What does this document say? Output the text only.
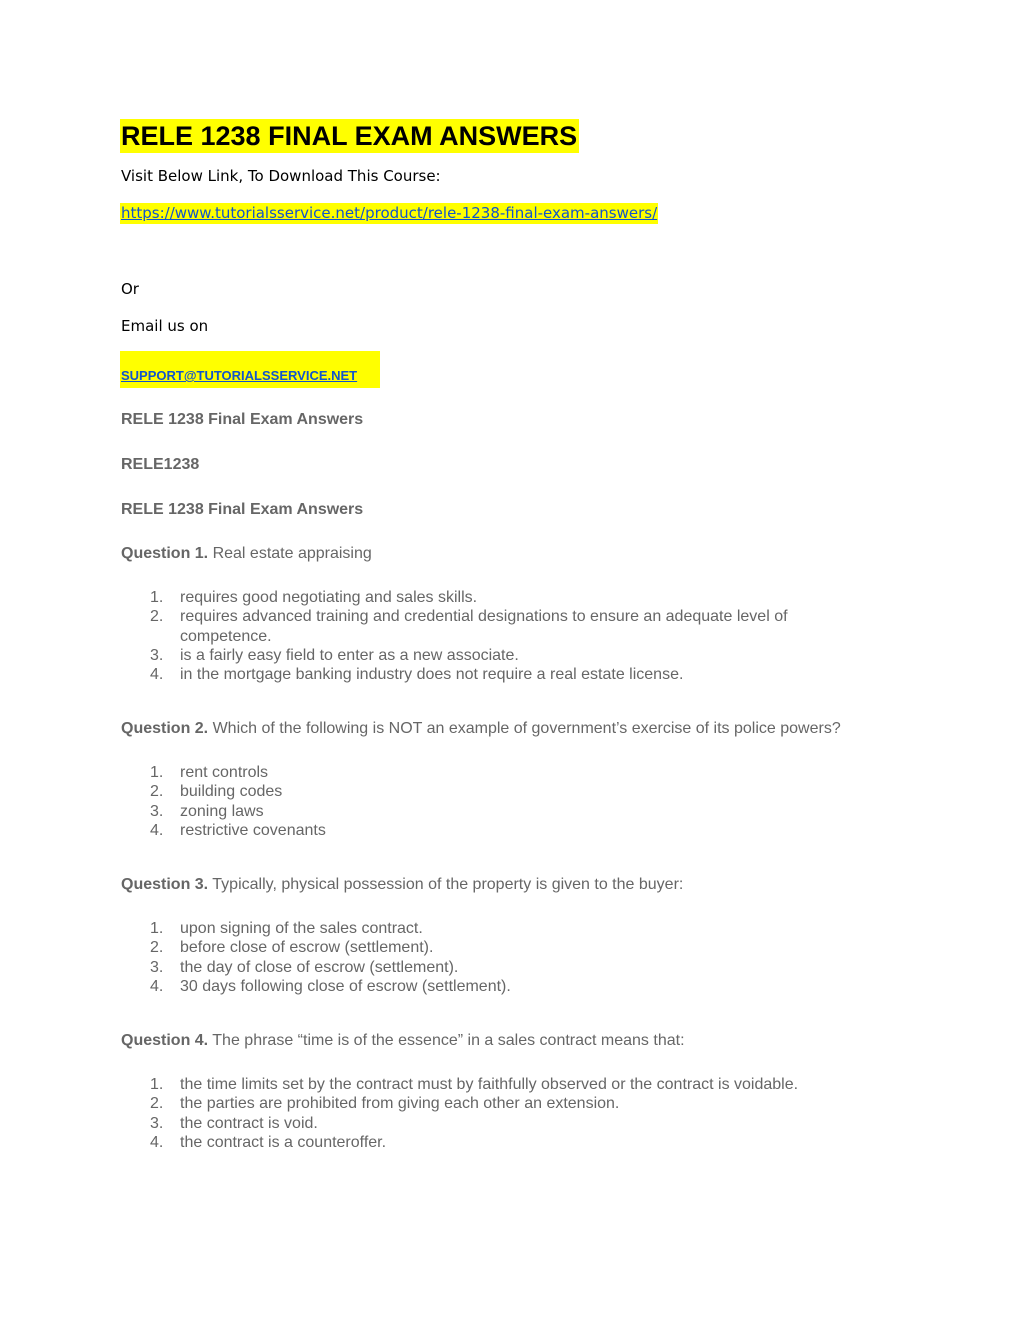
RELE 1238 FINAL EXAM ANSWERS
Visit Below Link, To Download This Course:
https://www.tutorialsservice.net/product/rele-1238-final-exam-answers/
Or
Email us on
SUPPORT@TUTORIALSSERVICE.NET
RELE 1238 Final Exam Answers
RELE1238
RELE 1238 Final Exam Answers
Question 1. Real estate appraising
1.	requires good negotiating and sales skills.
2.	requires advanced training and credential designations to ensure an adequate level of competence.
3.	is a fairly easy field to enter as a new associate.
4.	in the mortgage banking industry does not require a real estate license.
Question 2. Which of the following is NOT an example of government’s exercise of its police powers?
1.	rent controls
2.	building codes
3.	zoning laws
4.	restrictive covenants
Question 3. Typically, physical possession of the property is given to the buyer:
1.	upon signing of the sales contract.
2.	before close of escrow (settlement).
3.	the day of close of escrow (settlement).
4.	30 days following close of escrow (settlement).
Question 4. The phrase “time is of the essence” in a sales contract means that:
1.	the time limits set by the contract must by faithfully observed or the contract is voidable.
2.	the parties are prohibited from giving each other an extension.
3.	the contract is void.
4.	the contract is a counteroffer.
